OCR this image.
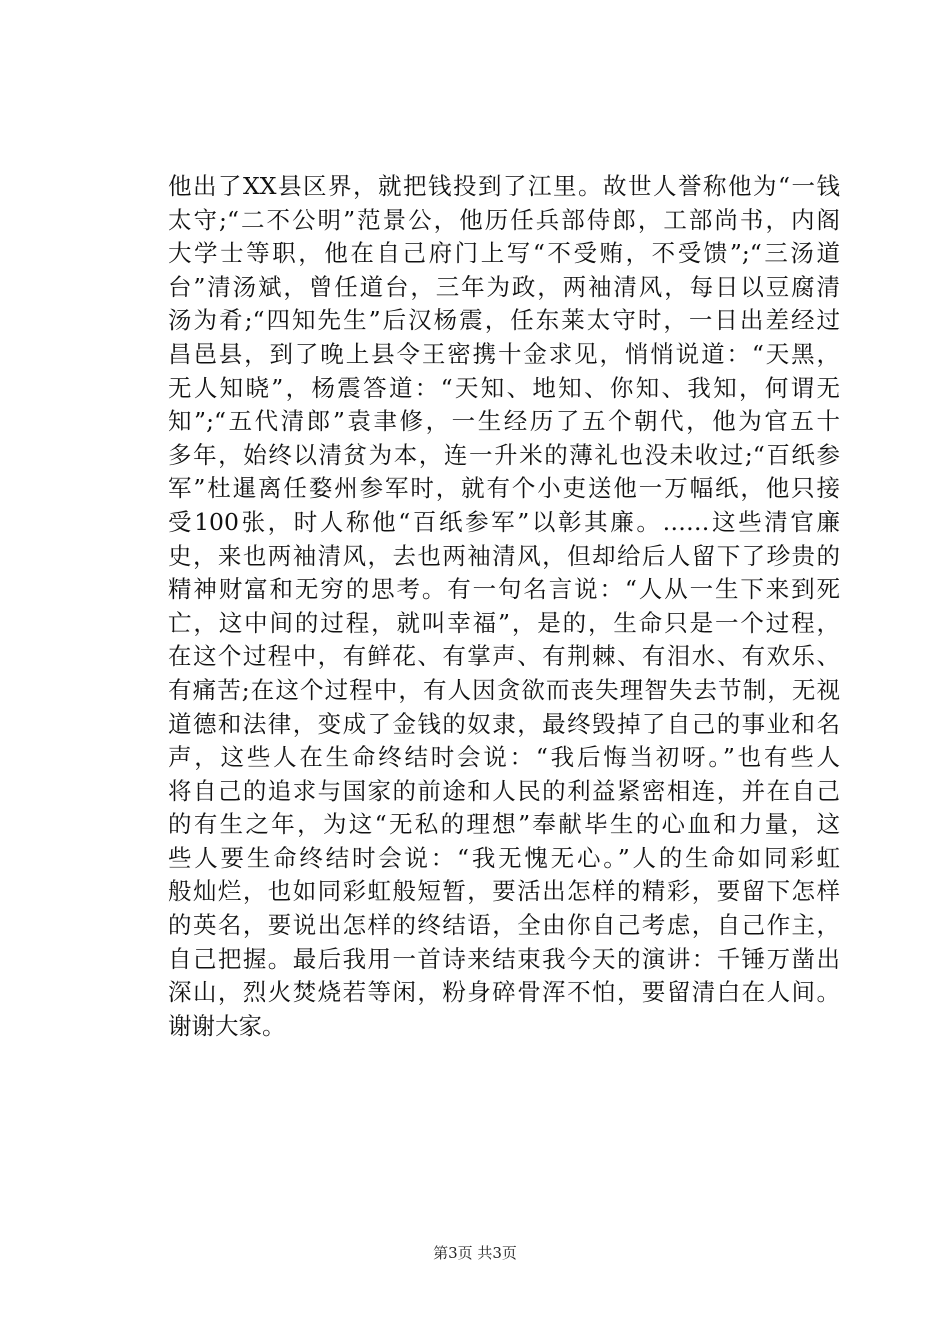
他出了XX县区界，就把钱投到了江里。故世人誉称他为“一钱
太守;“二不公明”范景公，他历任兵部侍郎，工部尚书，内阁
大学士等职，他在自己府门上写“不受贿，不受馈”;“三汤道
台”清汤斌，曾任道台，三年为政，两袖清风，每日以豆腐清
汤为肴;“四知先生”后汉杨震，任东莱太守时，一日出差经过
昌邑县，到了晚上县令王密携十金求见，悄悄说道：“天黑，
无人知晓”，杨震答道：“天知、地知、你知、我知，何谓无
知”;“五代清郎”袁聿修，一生经历了五个朝代，他为官五十
多年，始终以清贫为本，连一升米的薄礼也没未收过;“百纸参
军”杜暹离任婺州参军时，就有个小吏送他一万幅纸，他只接
受100张，时人称他“百纸参军”以彰其廉。……这些清官廉
史，来也两袖清风，去也两袖清风，但却给后人留下了珍贵的
精神财富和无穷的思考。有一句名言说：“人从一生下来到死
亡，这中间的过程，就叫幸福”，是的，生命只是一个过程，
在这个过程中，有鲜花、有掌声、有荆棘、有泪水、有欢乐、
有痛苦;在这个过程中，有人因贪欲而丧失理智失去节制，无视
道德和法律，变成了金钱的奴隶，最终毁掉了自己的事业和名
声，这些人在生命终结时会说：“我后悔当初呀。”也有些人
将自己的追求与国家的前途和人民的利益紧密相连，并在自己
的有生之年，为这“无私的理想”奉献毕生的心血和力量，这
些人要生命终结时会说：“我无愧无心。”人的生命如同彩虹
般灿烂，也如同彩虹般短暂，要活出怎样的精彩，要留下怎样
的英名，要说出怎样的终结语，全由你自己考虑，自己作主，
自己把握。最后我用一首诗来结束我今天的演讲：千锤万凿出
深山，烈火焚烧若等闲，粉身碎骨浑不怕，要留清白在人间。
谢谢大家。
第3页 共3页
